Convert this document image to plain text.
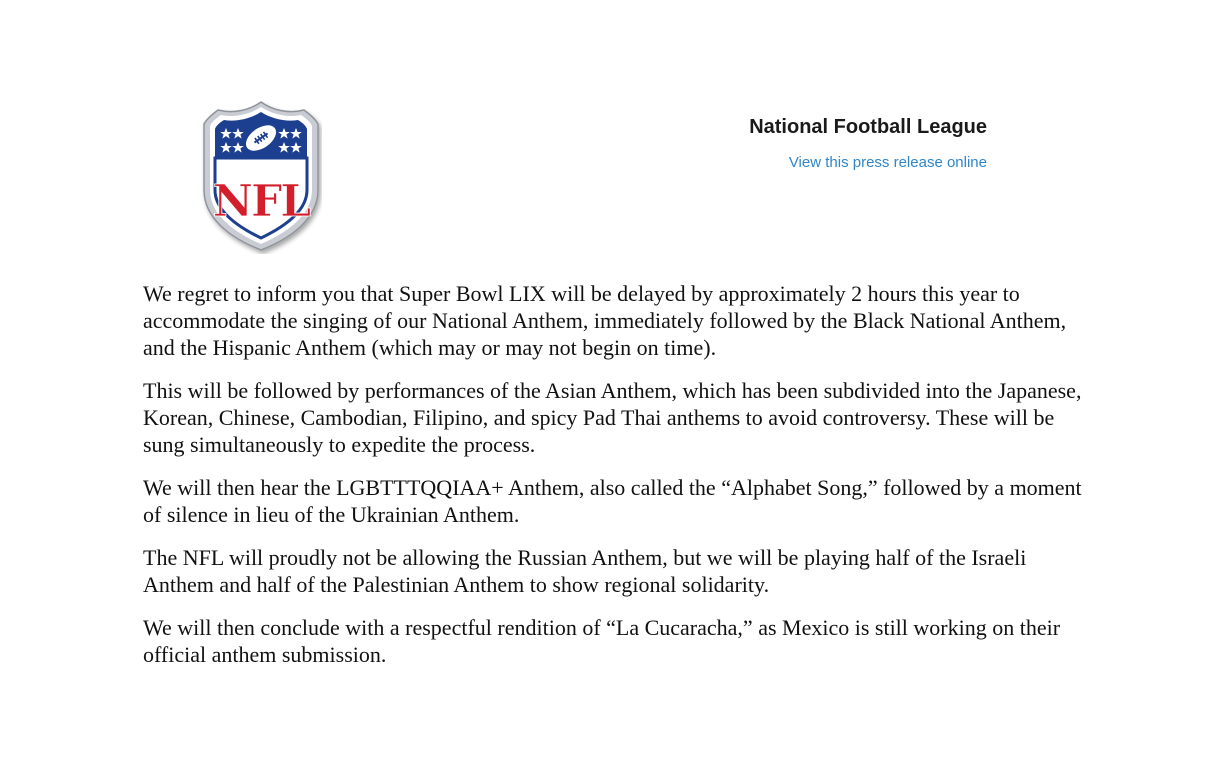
NFL
National Football League
View this press release online

We regret to inform you that Super Bowl LIX will be delayed by approximately 2 hours this year to accommodate the singing of our National Anthem, immediately followed by the Black National Anthem, and the Hispanic Anthem (which may or may not begin on time).

This will be followed by performances of the Asian Anthem, which has been subdivided into the Japanese, Korean, Chinese, Cambodian, Filipino, and spicy Pad Thai anthems to avoid controversy. These will be sung simultaneously to expedite the process.

We will then hear the LGBTTTQQIAA+ Anthem, also called the “Alphabet Song,” followed by a moment of silence in lieu of the Ukrainian Anthem.

The NFL will proudly not be allowing the Russian Anthem, but we will be playing half of the Israeli Anthem and half of the Palestinian Anthem to show regional solidarity.

We will then conclude with a respectful rendition of “La Cucaracha,” as Mexico is still working on their official anthem submission.
